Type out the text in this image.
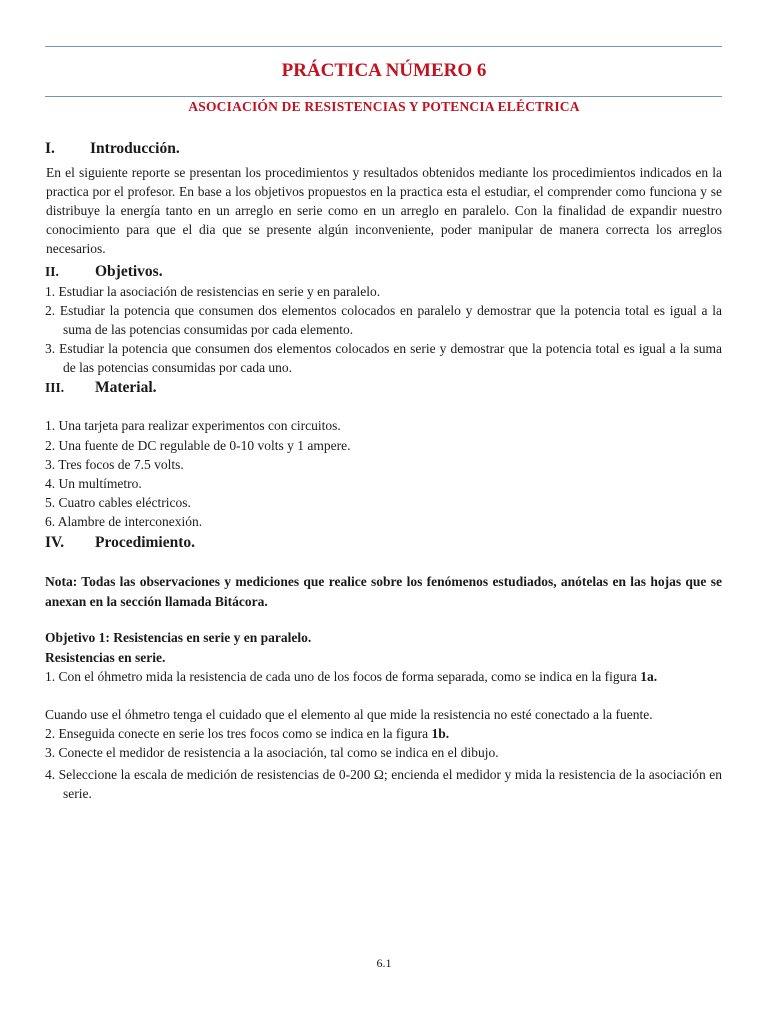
PRÁCTICA NÚMERO 6
ASOCIACIÓN DE RESISTENCIAS Y POTENCIA ELÉCTRICA
I. Introducción.
En el siguiente reporte se presentan los procedimientos y resultados obtenidos mediante los procedimientos indicados en la practica por el profesor. En base a los objetivos propuestos en la practica esta el estudiar, el comprender como funciona y se distribuye la energía tanto en un arreglo en serie como en un arreglo en paralelo. Con la finalidad de expandir nuestro conocimiento para que el dia que se presente algún inconveniente, poder manipular de manera correcta los arreglos necesarios.
II. Objetivos.
1. Estudiar la asociación de resistencias en serie y en paralelo.
2. Estudiar la potencia que consumen dos elementos colocados en paralelo y demostrar que la potencia total es igual a la suma de las potencias consumidas por cada elemento.
3. Estudiar la potencia que consumen dos elementos colocados en serie y demostrar que la potencia total es igual a la suma de las potencias consumidas por cada uno.
III. Material.
1. Una tarjeta para realizar experimentos con circuitos.
2. Una fuente de DC regulable de 0-10 volts y 1 ampere.
3. Tres focos de 7.5 volts.
4. Un multímetro.
5. Cuatro cables eléctricos.
6. Alambre de interconexión.
IV. Procedimiento.
Nota: Todas las observaciones y mediciones que realice sobre los fenómenos estudiados, anótelas en las hojas que se anexan en la sección llamada Bitácora.
Objetivo 1: Resistencias en serie y en paralelo.
Resistencias en serie.
1. Con el óhmetro mida la resistencia de cada uno de los focos de forma separada, como se indica en la figura 1a.
Cuando use el óhmetro tenga el cuidado que el elemento al que mide la resistencia no esté conectado a la fuente.
2. Enseguida conecte en serie los tres focos como se indica en la figura 1b.
3. Conecte el medidor de resistencia a la asociación, tal como se indica en el dibujo.
4. Seleccione la escala de medición de resistencias de 0-200 Ω; encienda el medidor y mida la resistencia de la asociación en serie.
6.1
